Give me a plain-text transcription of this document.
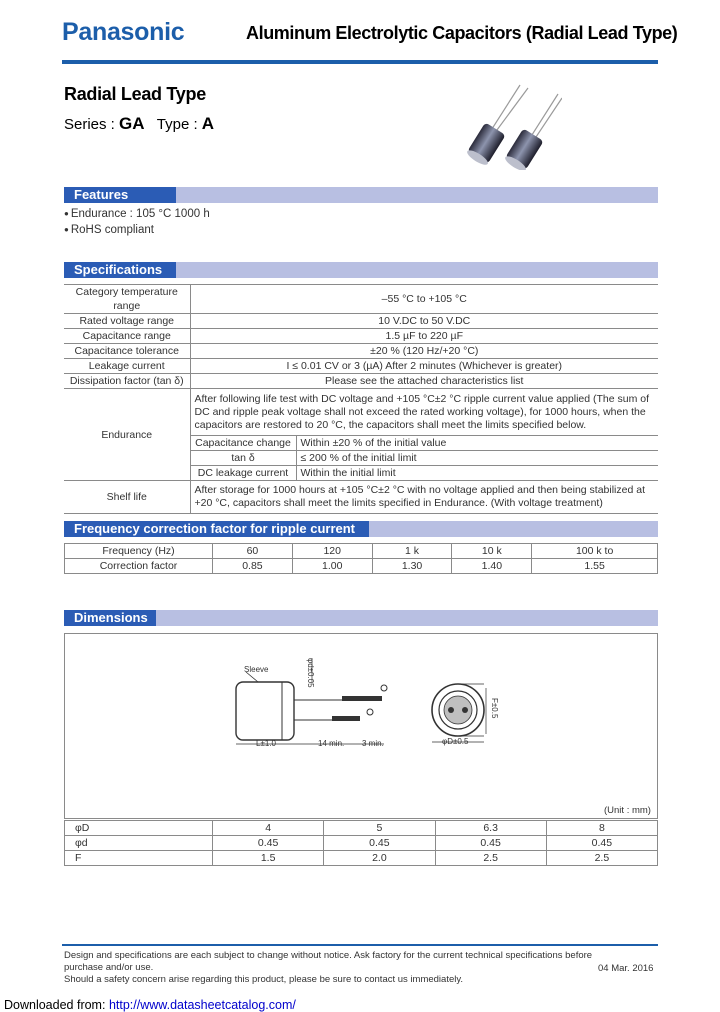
Panasonic	Aluminum Electrolytic Capacitors (Radial Lead Type)
Radial Lead Type
Series : GA Type : A
Features
● Endurance : 105 °C 1000 h
● RoHS compliant
Specifications
Category temperature range	–55 °C to +105 °C	
Rated voltage range	10 V.DC to 50 V.DC	
Capacitance range	1.5 µF to 220 µF	
Capacitance tolerance	±20 % (120 Hz/+20 °C)	
Leakage current	I ≤ 0.01 CV or 3 (µA) After 2 minutes (Whichever is greater)	
Dissipation factor (tan δ)	Please see the attached characteristics list	
Endurance	After following life test with DC voltage and +105 °C±2 °C ripple current value applied (The sum of DC and ripple peak voltage shall not exceed the rated working voltage), for 1000 hours, when the capacitors are restored to 20 °C, the capacitors shall meet the limits specified below.	
	Capacitance change	Within ±20 % of the initial value
	tan δ	≤ 200 % of the initial limit
	DC leakage current	Within the initial limit
Shelf life	After storage for 1000 hours at +105 °C±2 °C with no voltage applied and then being stabilized at +20 °C, capacitors shall meet the limits specified in Endurance. (With voltage treatment)	
Frequency correction factor for ripple current
Frequency (Hz)	60	120	1 k	10 k	100 k to
Correction factor	0.85	1.00	1.30	1.40	1.55
Dimensions
Sleeve	φd±0.05
L±1.0	14 min. 3 min.	φD±0.5
F±0.5
(Unit : mm)
φD	4	5	6.3	8
φd	0.45	0.45	0.45	0.45
F	1.5	2.0	2.5	2.5
Design and specifications are each subject to change without notice. Ask factory for the current technical specifications before purchase and/or use.
Should a safety concern arise regarding this product, please be sure to contact us immediately.
04 Mar. 2016
Downloaded from: http://www.datasheetcatalog.com/
